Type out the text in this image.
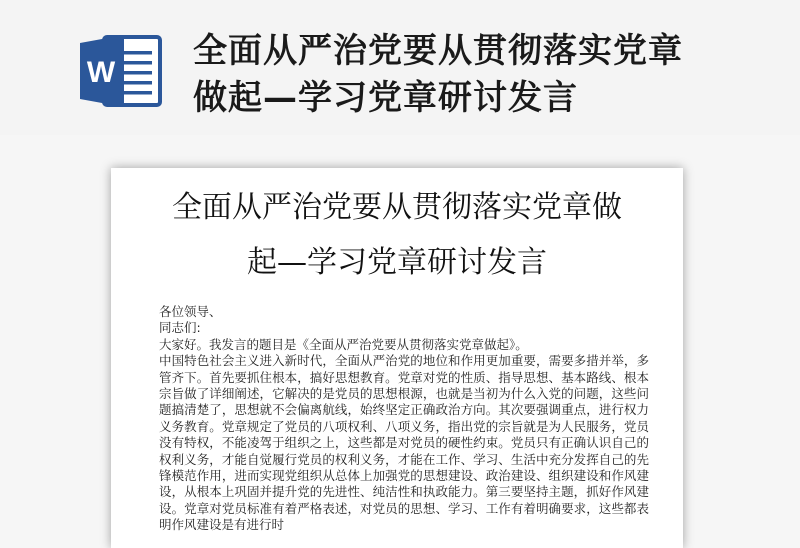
W
全面从严治党要从贯彻落实党章
做起—学习党章研讨发言
全面从严治党要从贯彻落实党章做
起—学习党章研讨发言

各位领导、

同志们:

大家好。我发言的题目是《全面从严治党要从贯彻落实党章做起》。

中国特色社会主义进入新时代，全面从严治党的地位和作用更加重要，需要多措并举，多管齐下。首先要抓住根本，搞好思想教育。党章对党的性质、指导思想、基本路线、根本宗旨做了详细阐述，它解决的是党员的思想根源，也就是当初为什么入党的问题，这些问题搞清楚了，思想就不会偏离航线，始终坚定正确政治方向。其次要强调重点，进行权力义务教育。党章规定了党员的八项权利、八项义务，指出党的宗旨就是为人民服务，党员没有特权，不能凌驾于组织之上，这些都是对党员的硬性约束。党员只有正确认识自己的权利义务，才能自觉履行党员的权利义务，才能在工作、学习、生活中充分发挥自己的先锋模范作用，进而实现党组织从总体上加强党的思想建设、政治建设、组织建设和作风建设，从根本上巩固并提升党的先进性、纯洁性和执政能力。第三要坚持主题，抓好作风建设。党章对党员标准有着严格表述，对党员的思想、学习、工作有着明确要求，这些都表明作风建设是有进行时
